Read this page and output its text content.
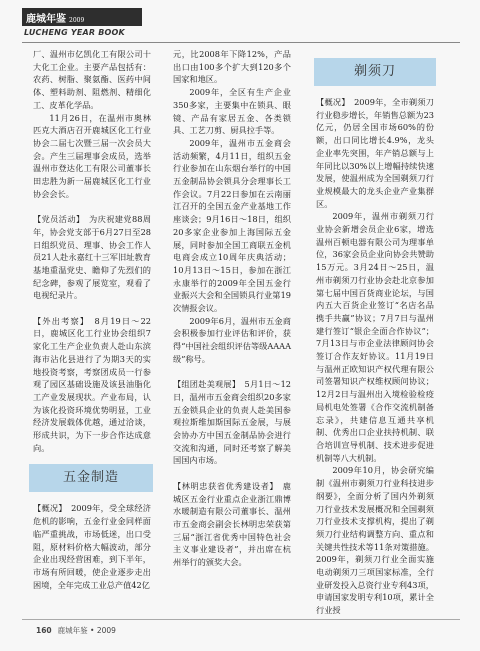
鹿城年鉴 2009
LUCHENG YEAR BOOK

厂、温州市亿凯化工有限公司十大化工企业。主要产品包括有：农药、树脂、聚氨酯、医药中间体、塑料助剂、阻燃剂、精细化工、皮革化学品。

11月26日，在温州市奥林匹克大酒店召开鹿城区化工行业协会二届七次暨三届一次会员大会。产生三届理事会成员，选举温州市登达化工有限公司董事长田忠胜为新一届鹿城区化工行业协会会长。

【党员活动】　为庆祝建党88周年，协会党支部于6月27日至28日组织党员、理事、协会工作人员21人赴永嘉红十三军旧址教育基地重温党史、瞻仰了先烈们的纪念碑，参观了展览室，观看了电视纪录片。

【外出考察】　8月19日～22日，鹿城区化工行业协会组织7家化工生产企业负责人赴山东滨海市沾化县进行了为期3天的实地投资考察，考察团成员一行参观了园区基础设施及该县油脂化工产业发展现状。产业布局，认为该化投资环境优势明显，工业经济发展载体优越，通过洽谈，形成共识，为下一步合作达成意向。

五金制造

【概况】　2009年，受全球经济危机的影响，五金行业金同样面临严重挑战，市场低迷，出口受阻，原材料价格大幅波动，部分企业出现经营困难，到下半年，市场有所回暖，使企业逐步走出困境，全年完成工业总产值42亿

元，比2008年下降12%，产品出口由100多个扩大到120多个国家和地区。

2009年，全区有生产企业350多家，主要集中在锁具、眼镜、产品有家居五金、各类锁具、工艺刀剪、厨具拉手等。

2009年，温州市五金商会活动频繁，4月11日，组织五金行业参加在山东烟台举行的中国五金制品协会锁具分会理事长工作会议。7月22日参加在云南丽江召开的全国五金产业基地工作座谈会；9月16日～18日，组织20多家企业参加上海国际五金展，同时参加全国工商联五金机电商会成立10周年庆典活动；10月13日～15日，参加在浙江永康举行的2009年全国五金行业振兴大会和全国锁具行业第19次情报会议。

2009年6月，温州市五金商会积极参加行业评估和评价，获得“中国社会组织评估等级AAAA级”称号。

【组团赴美观展】　5月1日～12日，温州市五金商会组织20多家五金锁具企业的负责人赴美国参观拉斯维加斯国际五金展，与展会协办方中国五金制品协会进行交流和沟通，同时还考察了解美国国内市场。

【林明忠获省优秀建设者】　鹿城区五金行业重点企业浙江鼎博水暖制造有限公司董事长、温州市五金商会副会长林明忠荣获第三届“浙江省优秀中国特色社会主义事业建设者”，并出席在杭州举行的颁奖大会。

剃须刀

【概况】　2009年，全市剃须刀行业稳步增长，年销售总额为23亿元，仍居全国市场60%的份额，出口同比增长4.9%，龙头企业率先突围，年产销总额与上年同比以30%以上增幅持续快速发展，使温州成为全国剃须刀行业规模最大的龙头企业产业集群区。

2009年，温州市剃须刀行业协会新增会员企业6家，增选温州百顿电器有限公司为理事单位，36家会员企业向协会共赞助15万元。3月24日～25日，温州市剃须刀行业协会赴北京参加第七届中国百货商业论坛，与国内五大百货企业签订“名店名品携手共赢”协议；7月7日与温州建行签订“银企全面合作协议”；7月13日与市企业法律顾问协会签订合作友好协议。11月19日与温州正欧知识产权代理有限公司签署知识产权维权顾问协议；12月2日与温州出入境检验检疫局机电处签署《合作交流机制备忘录》，共建信息互通共享机制、优秀出口企业扶持机制、联合培训宣导机制、技术进步促进机制等八大机制。

2009年10月，协会研究编制《温州市剃须刀行业科技进步纲要》，全面分析了国内外剃须刀行业技术发展概况和全国剃须刀行业技术支撑机构，提出了剃须刀行业结构调整方向、重点和关键共性技术等11条对策措施。2009年，剃须刀行业全面实施电动剃须刀三项国家标准，全行业研发投入总资行业专利43项，申请国家发明专利10项，累计全行业授

160 鹿城年鉴 • 2009
